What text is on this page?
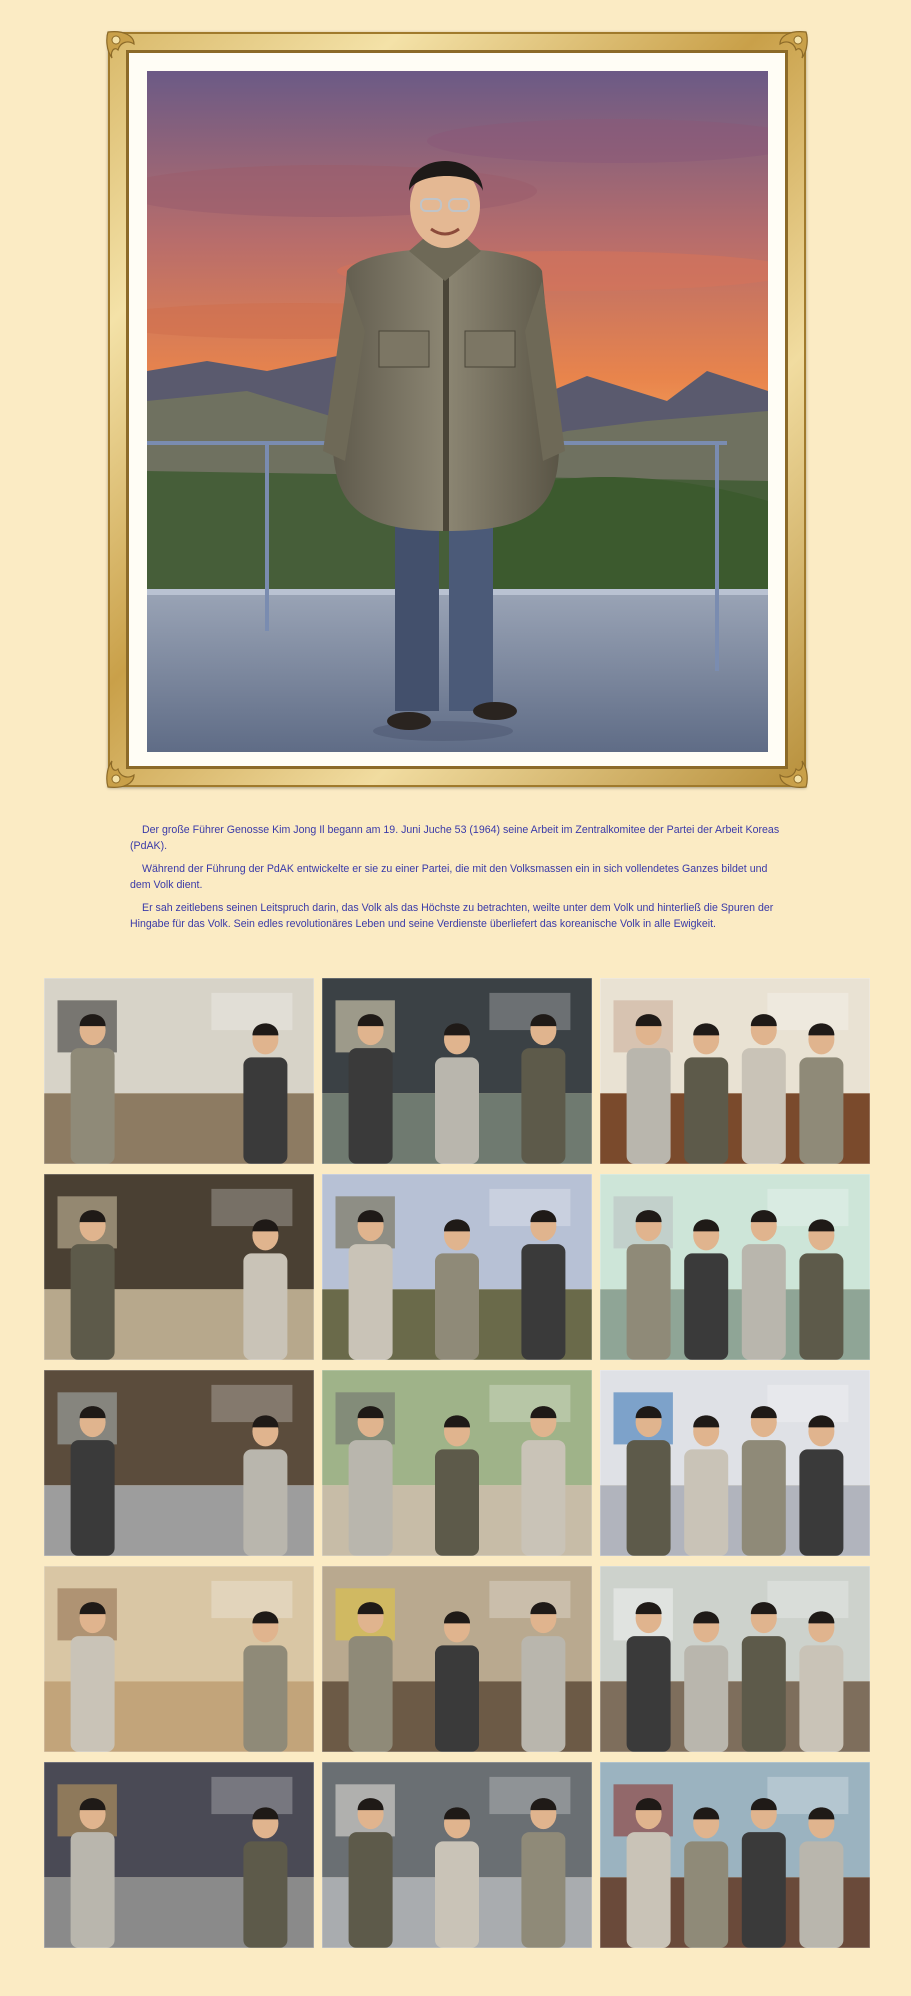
Der große Führer Genosse Kim Jong Il begann am 19. Juni Juche 53 (1964) seine Arbeit im Zentralkomitee der Partei der Arbeit Koreas (PdAK).

Während der Führung der PdAK entwickelte er sie zu einer Partei, die mit den Volksmassen ein in sich vollendetes Ganzes bildet und dem Volk dient.

Er sah zeitlebens seinen Leitspruch darin, das Volk als das Höchste zu betrachten, weilte unter dem Volk und hinterließ die Spuren der Hingabe für das Volk. Sein edles revolutionäres Leben und seine Verdienste überliefert das koreanische Volk in alle Ewigkeit.
